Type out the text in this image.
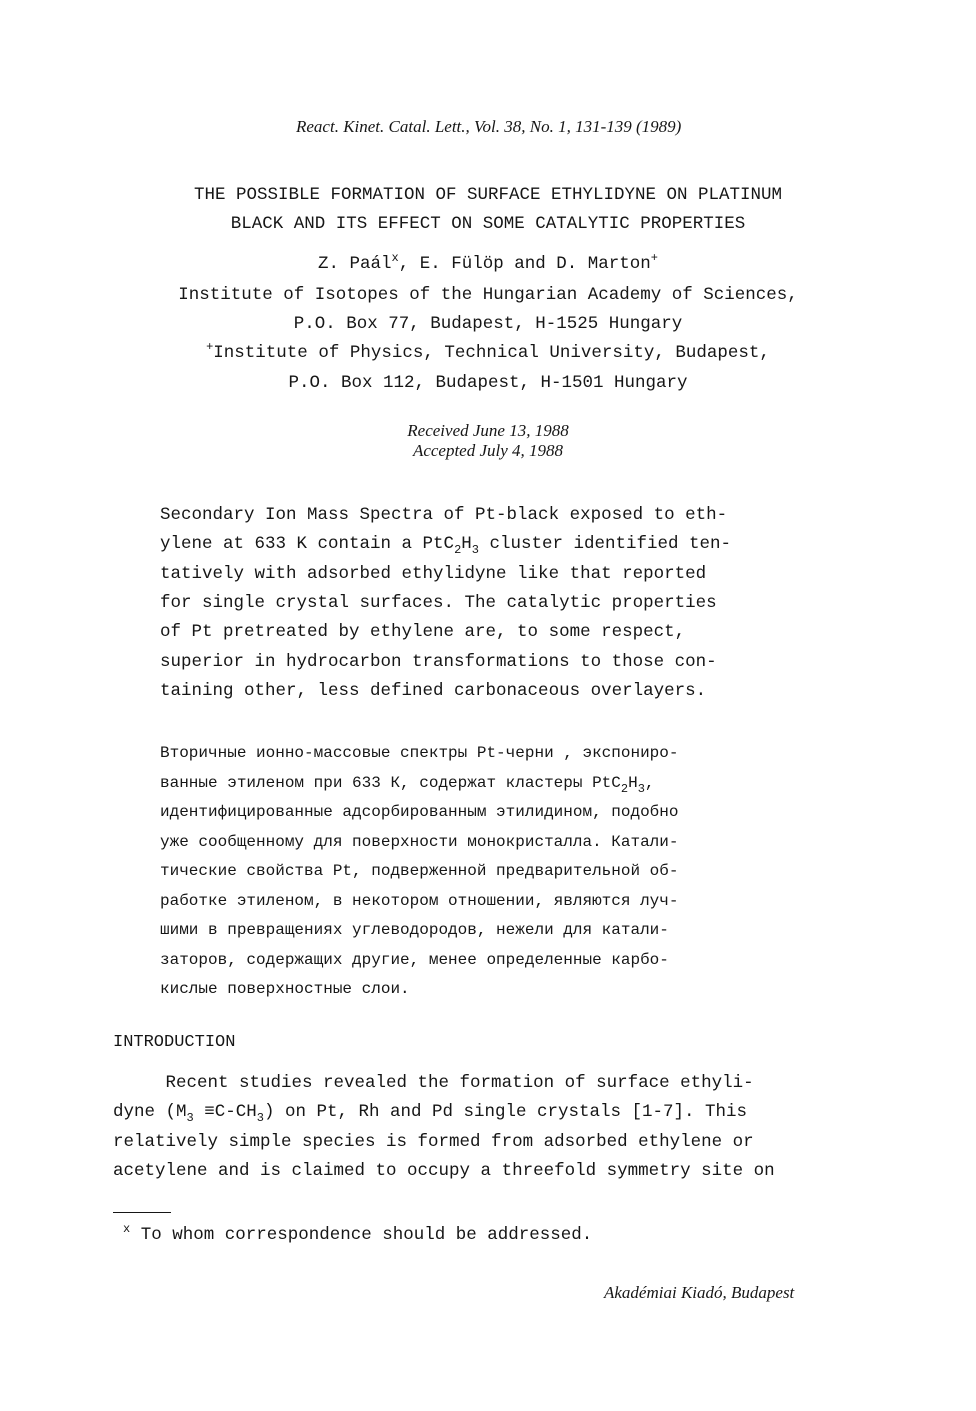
React. Kinet. Catal. Lett., Vol. 38, No. 1, 131-139 (1989)
THE POSSIBLE FORMATION OF SURFACE ETHYLIDYNE ON PLATINUM
BLACK AND ITS EFFECT ON SOME CATALYTIC PROPERTIES
Z. Paál$^x$, E. Fülöp and D. Marton+
Institute of Isotopes of the Hungarian Academy of Sciences,
P.O. Box 77, Budapest, H-1525 Hungary
+Institute of Physics, Technical University, Budapest,
P.O. Box 112, Budapest, H-1501 Hungary
Received June 13, 1988
Accepted July 4, 1988
Secondary Ion Mass Spectra of Pt-black exposed to eth-
ylene at 633 K contain a $PtC_2H_3$ cluster identified ten-
tatively with adsorbed ethylidyne like that reported
for single crystal surfaces. The catalytic properties
of Pt pretreated by ethylene are, to some respect,
superior in hydrocarbon transformations to those con-
taining other, less defined carbonaceous overlayers.
Вторичные ионно-массовые спектры Pt-черни , экспониро-
ванные этиленом при 633 К, содержат кластеры $PtC_2H_3$,
идентифицированные адсорбированным этилидином, подобно
уже сообщенному для поверхности монокристалла. Катали-
тические свойства Pt, подверженной предварительной об-
работке этиленом, в некотором отношении, являются луч-
шими в превращениях углеводородов, нежели для катали-
заторов, содержащих другие, менее определенные карбо-
кислые поверхностные слои.
INTRODUCTION
Recent studies revealed the formation of surface ethyli-
dyne $(M_3 \equiv C-CH_3)$ on Pt, Rh and Pd single crystals [1-7]. This
relatively simple species is formed from adsorbed ethylene or
acetylene and is claimed to occupy a threefold symmetry site on
$^x$ To whom correspondence should be addressed.
Akadémiai Kiadó, Budapest
